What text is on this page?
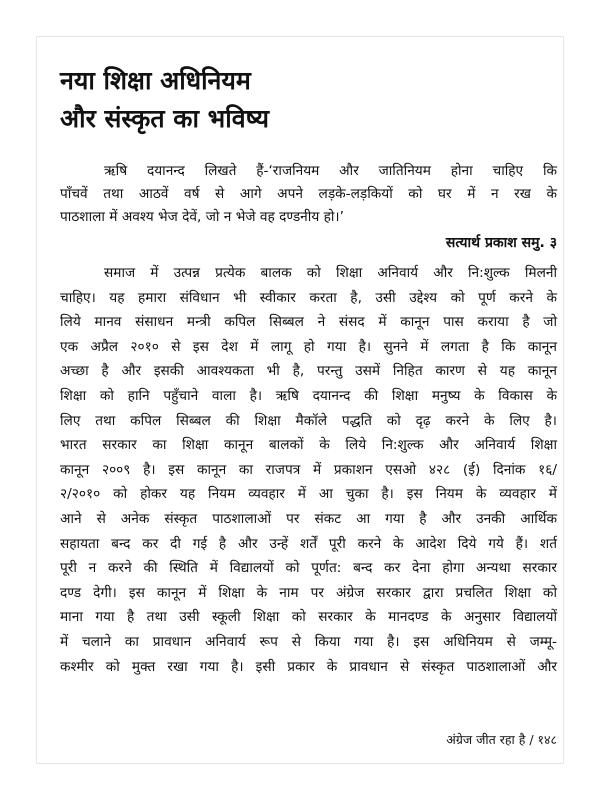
नया शिक्षा अधिनियम
और संस्कृत का भविष्य
ऋषि दयानन्द लिखते हैं-‘राजनियम और जातिनियम होना चाहिए कि
पाँचवें तथा आठवें वर्ष से आगे अपने लड़के-लड़कियों को घर में न रख के
पाठशाला में अवश्य भेज देवें, जो न भेजे वह दण्डनीय हो।’
सत्यार्थ प्रकाश समु. ३
समाज में उत्पन्न प्रत्येक बालक को शिक्षा अनिवार्य और नि:शुल्क मिलनी
चाहिए। यह हमारा संविधान भी स्वीकार करता है, उसी उद्देश्य को पूर्ण करने के
लिये मानव संसाधन मन्त्री कपिल सिब्बल ने संसद में कानून पास कराया है जो
एक अप्रैल २०१० से इस देश में लागू हो गया है। सुनने में लगता है कि कानून
अच्छा है और इसकी आवश्यकता भी है, परन्तु उसमें निहित कारण से यह कानून
शिक्षा को हानि पहुँचाने वाला है। ऋषि दयानन्द की शिक्षा मनुष्य के विकास के
लिए तथा कपिल सिब्बल की शिक्षा मैकॉले पद्धति को दृढ़ करने के लिए है।
भारत सरकार का शिक्षा कानून बालकों के लिये नि:शुल्क और अनिवार्य शिक्षा
कानून २००९ है। इस कानून का राजपत्र में प्रकाशन एसओ ४२८ (ई) दिनांक १६/
२/२०१० को होकर यह नियम व्यवहार में आ चुका है। इस नियम के व्यवहार में
आने से अनेक संस्कृत पाठशालाओं पर संकट आ गया है और उनकी आर्थिक
सहायता बन्द कर दी गई है और उन्हें शर्तें पूरी करने के आदेश दिये गये हैं। शर्त
पूरी न करने की स्थिति में विद्यालयों को पूर्णत: बन्द कर देना होगा अन्यथा सरकार
दण्ड देगी। इस कानून में शिक्षा के नाम पर अंग्रेज सरकार द्वारा प्रचलित शिक्षा को
माना गया है तथा उसी स्कूली शिक्षा को सरकार के मानदण्ड के अनुसार विद्यालयों
में चलाने का प्रावधान अनिवार्य रूप से किया गया है। इस अधिनियम से जम्मू-
कश्मीर को मुक्त रखा गया है। इसी प्रकार के प्रावधान से संस्कृत पाठशालाओं और
अंग्रेज जीत रहा है / १४८
